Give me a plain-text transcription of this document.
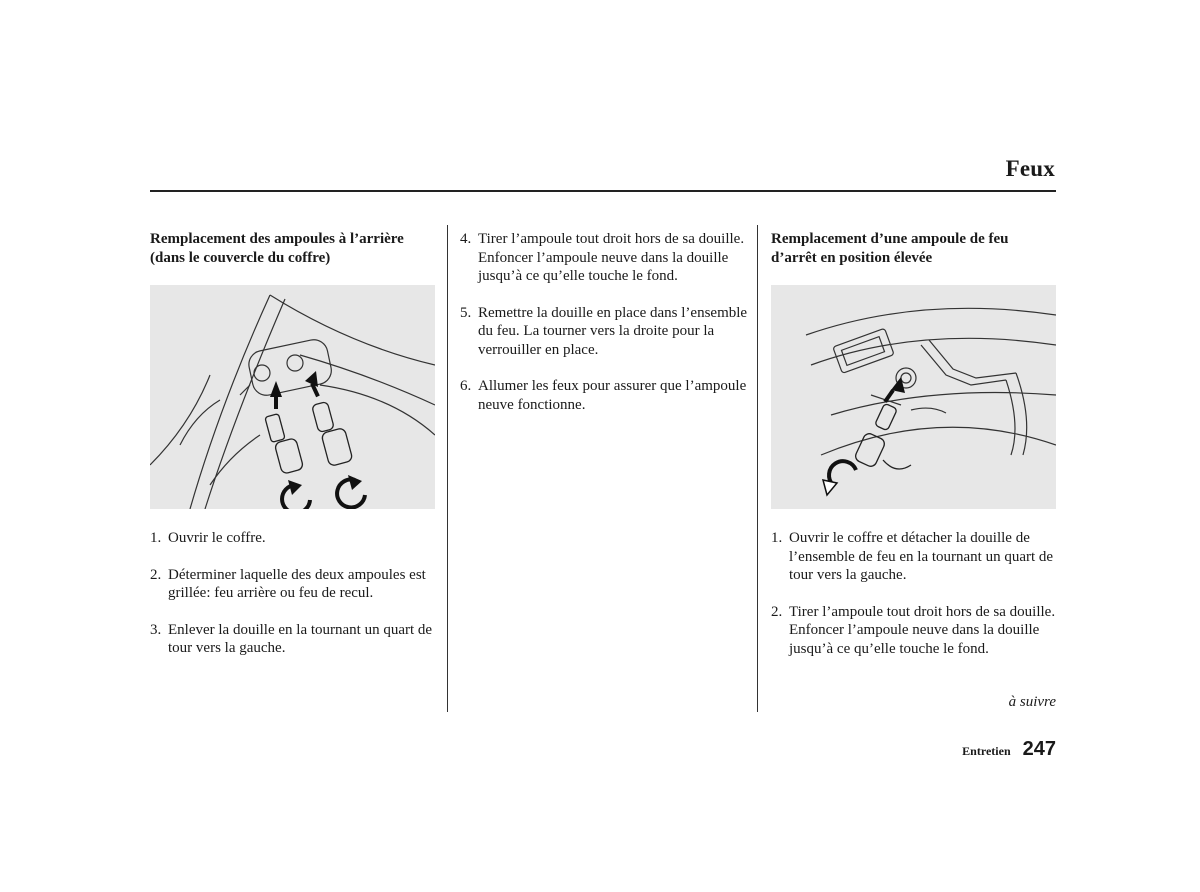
Feux

Remplacement des ampoules à l’arrière (dans le couvercle du coffre)

1. Ouvrir le coffre.
2. Déterminer laquelle des deux ampoules est grillée: feu arrière ou feu de recul.
3. Enlever la douille en la tournant un quart de tour vers la gauche.
4. Tirer l’ampoule tout droit hors de sa douille.
Enfoncer l’ampoule neuve dans la douille jusqu’à ce qu’elle touche le fond.
5. Remettre la douille en place dans l’ensemble du feu. La tourner vers la droite pour la verrouiller en place.
6. Allumer les feux pour assurer que l’ampoule neuve fonctionne.

Remplacement d’une ampoule de feu d’arrêt en position élevée

1. Ouvrir le coffre et détacher la douille de l’ensemble de feu en la tournant un quart de tour vers la gauche.
2. Tirer l’ampoule tout droit hors de sa douille.
Enfoncer l’ampoule neuve dans la douille jusqu’à ce qu’elle touche le fond.
à suivre
Entretien 247
